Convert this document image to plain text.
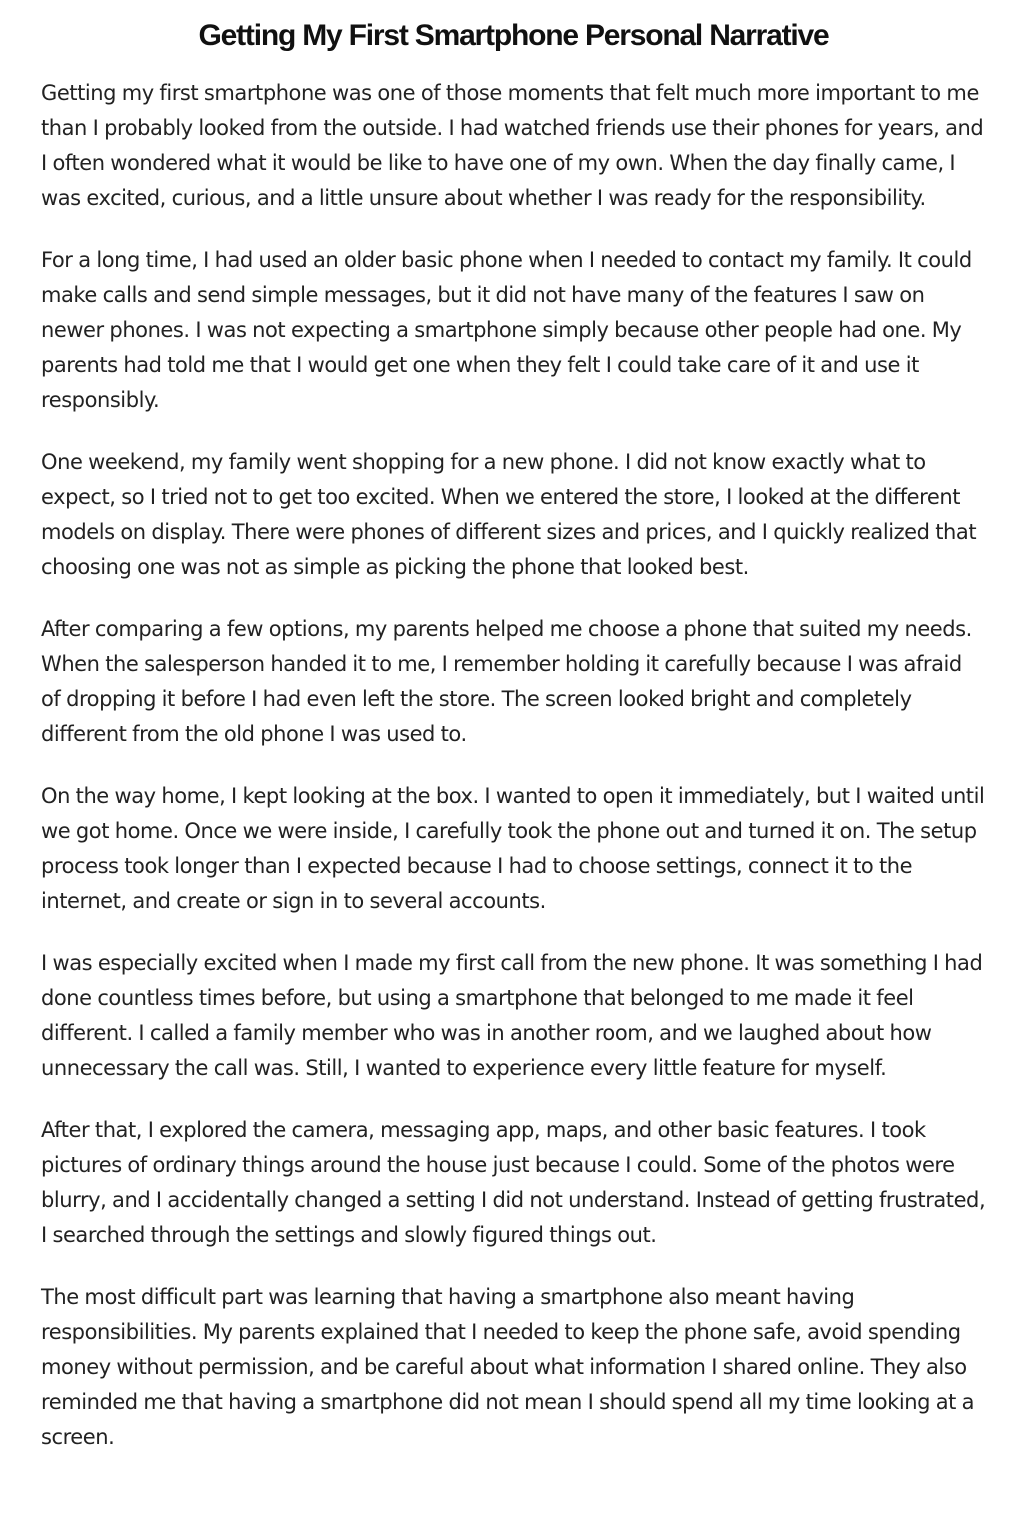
Getting My First Smartphone Personal Narrative

Getting my first smartphone was one of those moments that felt much more important to me than I probably looked from the outside. I had watched friends use their phones for years, and I often wondered what it would be like to have one of my own. When the day finally came, I was excited, curious, and a little unsure about whether I was ready for the responsibility.

For a long time, I had used an older basic phone when I needed to contact my family. It could make calls and send simple messages, but it did not have many of the features I saw on newer phones. I was not expecting a smartphone simply because other people had one. My parents had told me that I would get one when they felt I could take care of it and use it responsibly.

One weekend, my family went shopping for a new phone. I did not know exactly what to expect, so I tried not to get too excited. When we entered the store, I looked at the different models on display. There were phones of different sizes and prices, and I quickly realized that choosing one was not as simple as picking the phone that looked best.

After comparing a few options, my parents helped me choose a phone that suited my needs. When the salesperson handed it to me, I remember holding it carefully because I was afraid of dropping it before I had even left the store. The screen looked bright and completely different from the old phone I was used to.

On the way home, I kept looking at the box. I wanted to open it immediately, but I waited until we got home. Once we were inside, I carefully took the phone out and turned it on. The setup process took longer than I expected because I had to choose settings, connect it to the internet, and create or sign in to several accounts.

I was especially excited when I made my first call from the new phone. It was something I had done countless times before, but using a smartphone that belonged to me made it feel different. I called a family member who was in another room, and we laughed about how unnecessary the call was. Still, I wanted to experience every little feature for myself.

After that, I explored the camera, messaging app, maps, and other basic features. I took pictures of ordinary things around the house just because I could. Some of the photos were blurry, and I accidentally changed a setting I did not understand. Instead of getting frustrated, I searched through the settings and slowly figured things out.

The most difficult part was learning that having a smartphone also meant having responsibilities. My parents explained that I needed to keep the phone safe, avoid spending money without permission, and be careful about what information I shared online. They also reminded me that having a smartphone did not mean I should spend all my time looking at a screen.
